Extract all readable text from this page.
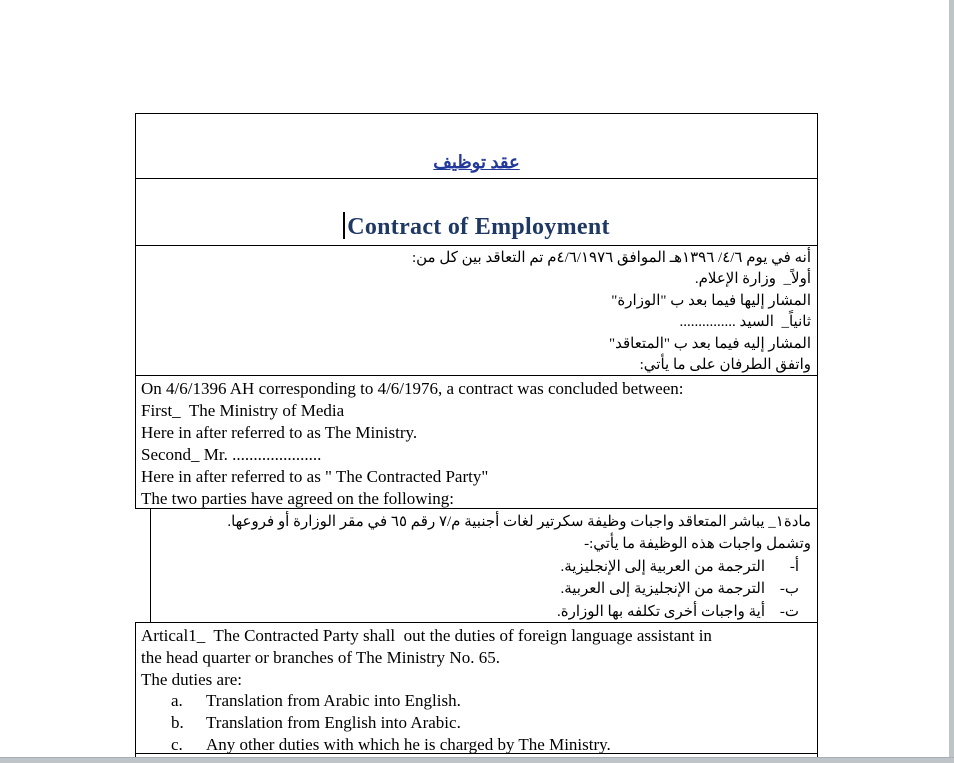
عقد توظيف
Contract of Employment
أنه في يوم ٤/٦/ ١٣٩٦هـ الموافق ٤/٦/١٩٧٦م تم التعاقد بين كل من:
أولاً_  وزارة الإعلام.
المشار إليها فيما بعد ب "الوزارة"
ثانياً_  السيد ...............
المشار إليه فيما بعد ب "المتعاقد"
واتفق الطرفان على ما يأتي:
On 4/6/1396 AH corresponding to 4/6/1976, a contract was concluded between:
First_  The Ministry of Media
Here in after referred to as The Ministry.
Second_ Mr. .....................
Here in after referred to as " The Contracted Party"
The two parties have agreed on the following:
مادة١_ يباشر المتعاقد واجبات وظيفة سكرتير لغات أجنبية م/٧ رقم ٦٥ في مقر الوزارة أو فروعها.
وتشمل واجبات هذه الوظيفة ما يأتي:-
أ-الترجمة من العربية إلى الإنجليزية.
ب-الترجمة من الإنجليزية إلى العربية.
ت-أية واجبات أخرى تكلفه بها الوزارة.
Artical1_  The Contracted Party shall  out the duties of foreign language assistant in
the head quarter or branches of The Ministry No. 65.
The duties are:
a. Translation from Arabic into English.
b. Translation from English into Arabic.
c. Any other duties with which he is charged by The Ministry.
